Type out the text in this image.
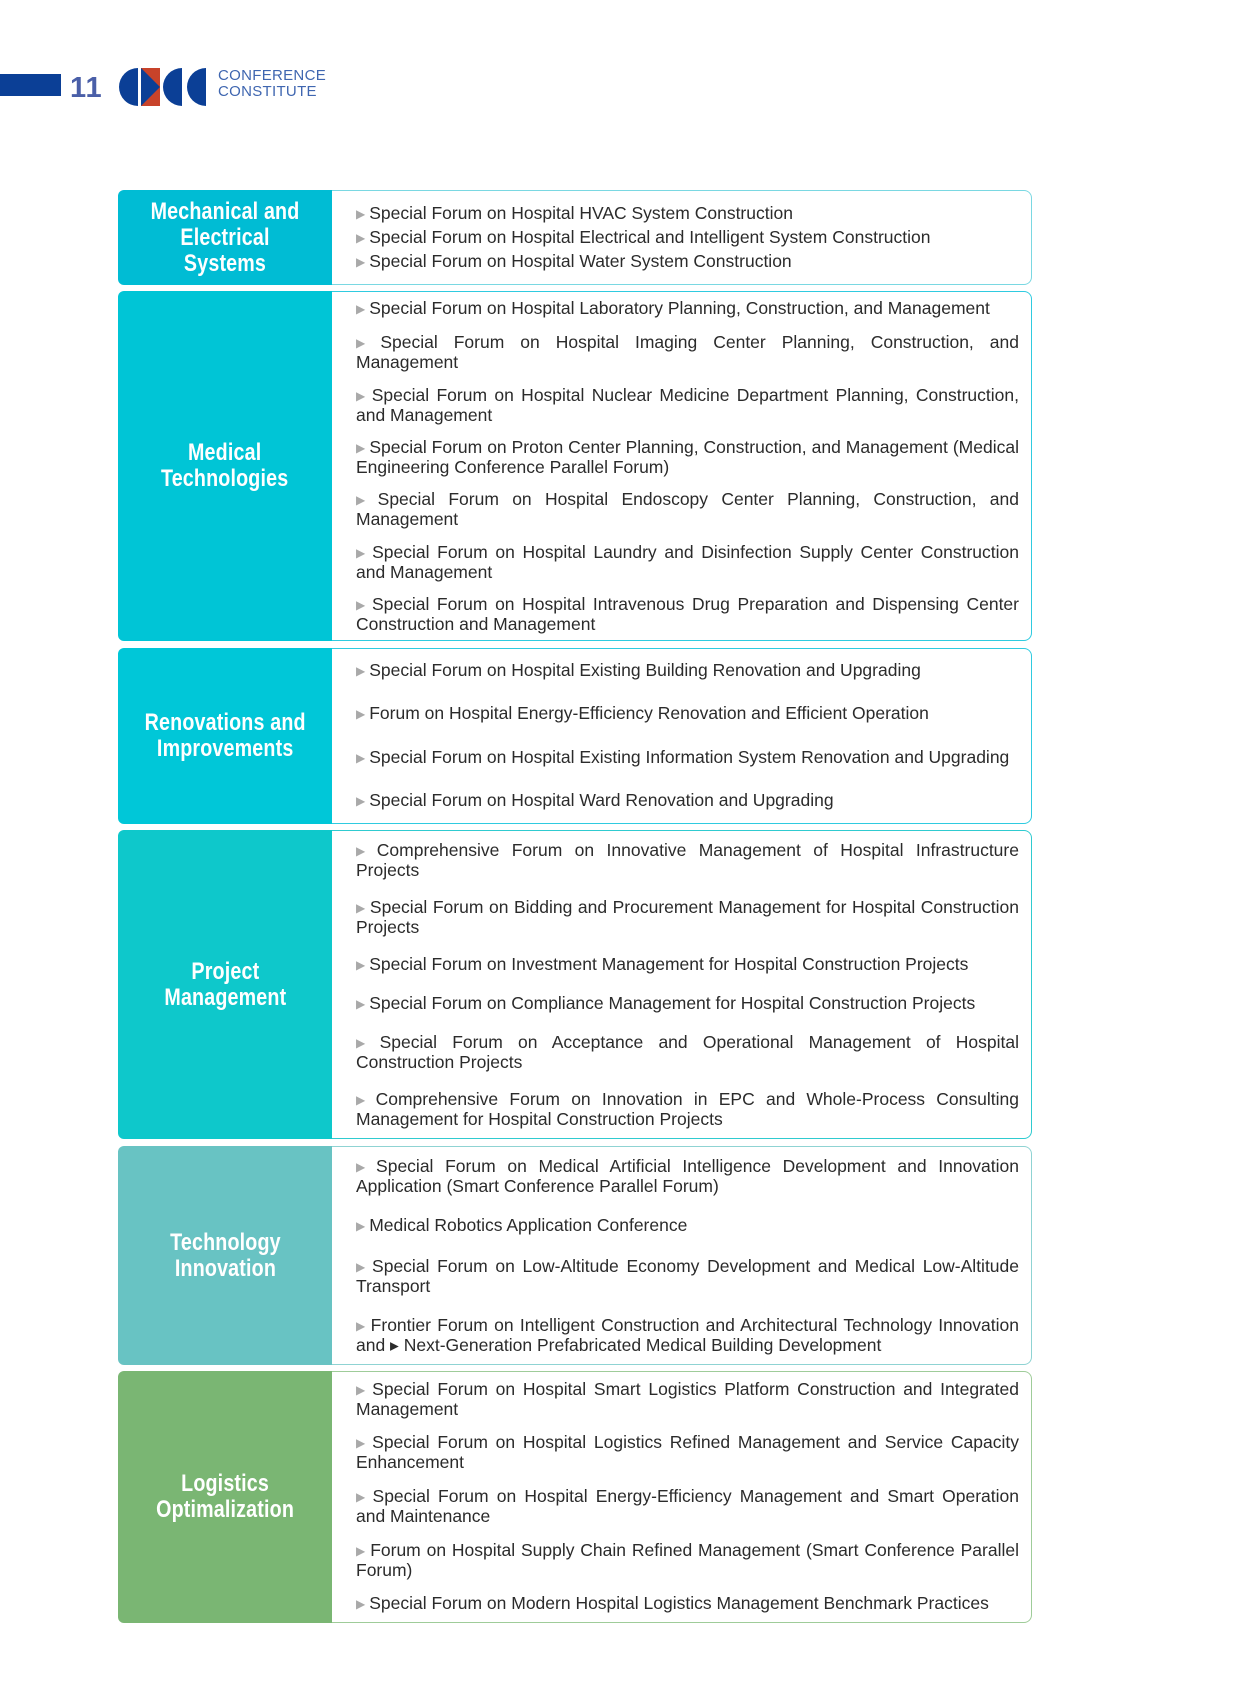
11	CONFERENCE
CONSTITUTE
Mechanical and
Electrical Systems
▶ Special Forum on Hospital HVAC System Construction
▶ Special Forum on Hospital Electrical and Intelligent System Construction
▶ Special Forum on Hospital Water System Construction
Medical
Technologies
▶ Special Forum on Hospital Laboratory Planning, Construction, and Management
▶ Special Forum on Hospital Imaging Center Planning, Construction, and Management
▶ Special Forum on Hospital Nuclear Medicine Department Planning, Construction, and Management
▶ Special Forum on Proton Center Planning, Construction, and Management (Medical Engineering Conference Parallel Forum)
▶ Special Forum on Hospital Endoscopy Center Planning, Construction, and Management
▶ Special Forum on Hospital Laundry and Disinfection Supply Center Construction and Management
▶ Special Forum on Hospital Intravenous Drug Preparation and Dispensing Center Construction and Management
Renovations and
Improvements
▶ Special Forum on Hospital Existing Building Renovation and Upgrading
▶ Forum on Hospital Energy-Efficiency Renovation and Efficient Operation
▶ Special Forum on Hospital Existing Information System Renovation and Upgrading
▶ Special Forum on Hospital Ward Renovation and Upgrading
Project
Management
▶ Comprehensive Forum on Innovative Management of Hospital Infrastructure Projects
▶ Special Forum on Bidding and Procurement Management for Hospital Construction Projects
▶ Special Forum on Investment Management for Hospital Construction Projects
▶ Special Forum on Compliance Management for Hospital Construction Projects
▶ Special Forum on Acceptance and Operational Management of Hospital Construction Projects
▶ Comprehensive Forum on Innovation in EPC and Whole-Process Consulting Management for Hospital Construction Projects
Technology
Innovation
▶ Special Forum on Medical Artificial Intelligence Development and Innovation Application (Smart Conference Parallel Forum)
▶ Medical Robotics Application Conference
▶ Special Forum on Low-Altitude Economy Development and Medical Low-Altitude Transport
▶ Frontier Forum on Intelligent Construction and Architectural Technology Innovation and ▸ Next-Generation Prefabricated Medical Building Development
Logistics
Optimalization
▶ Special Forum on Hospital Smart Logistics Platform Construction and Integrated Management
▶ Special Forum on Hospital Logistics Refined Management and Service Capacity Enhancement
▶ Special Forum on Hospital Energy-Efficiency Management and Smart Operation and Maintenance
▶ Forum on Hospital Supply Chain Refined Management (Smart Conference Parallel Forum)
▶ Special Forum on Modern Hospital Logistics Management Benchmark Practices
